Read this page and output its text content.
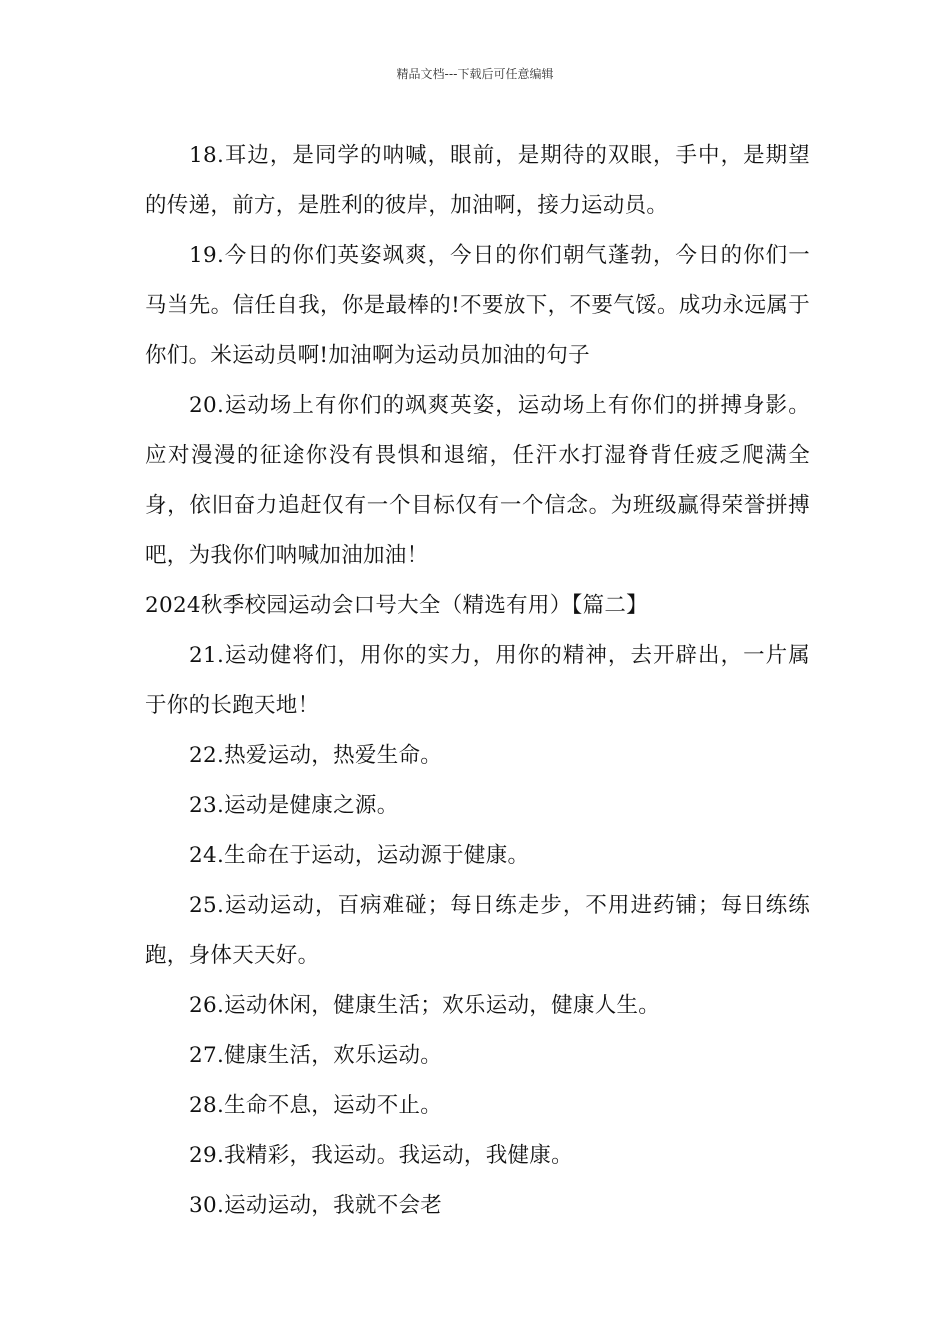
精品文档---下载后可任意编辑

18.耳边，是同学的呐喊，眼前，是期待的双眼，手中，是期望的传递，前方，是胜利的彼岸，加油啊，接力运动员。

19.今日的你们英姿飒爽，今日的你们朝气蓬勃，今日的你们一马当先。信任自我，你是最棒的!不要放下，不要气馁。成功永远属于你们。米运动员啊!加油啊为运动员加油的句子

20.运动场上有你们的飒爽英姿，运动场上有你们的拼搏身影。应对漫漫的征途你没有畏惧和退缩，任汗水打湿脊背任疲乏爬满全身，依旧奋力追赶仅有一个目标仅有一个信念。为班级赢得荣誉拼搏吧，为我你们呐喊加油加油！

2024秋季校园运动会口号大全（精选有用）【篇二】

21.运动健将们，用你的实力，用你的精神，去开辟出，一片属于你的长跑天地！

22.热爱运动，热爱生命。

23.运动是健康之源。

24.生命在于运动，运动源于健康。

25.运动运动，百病难碰；每日练走步，不用进药铺；每日练练跑，身体天天好。

26.运动休闲，健康生活；欢乐运动，健康人生。

27.健康生活，欢乐运动。

28.生命不息，运动不止。

29.我精彩，我运动。我运动，我健康。

30.运动运动，我就不会老
